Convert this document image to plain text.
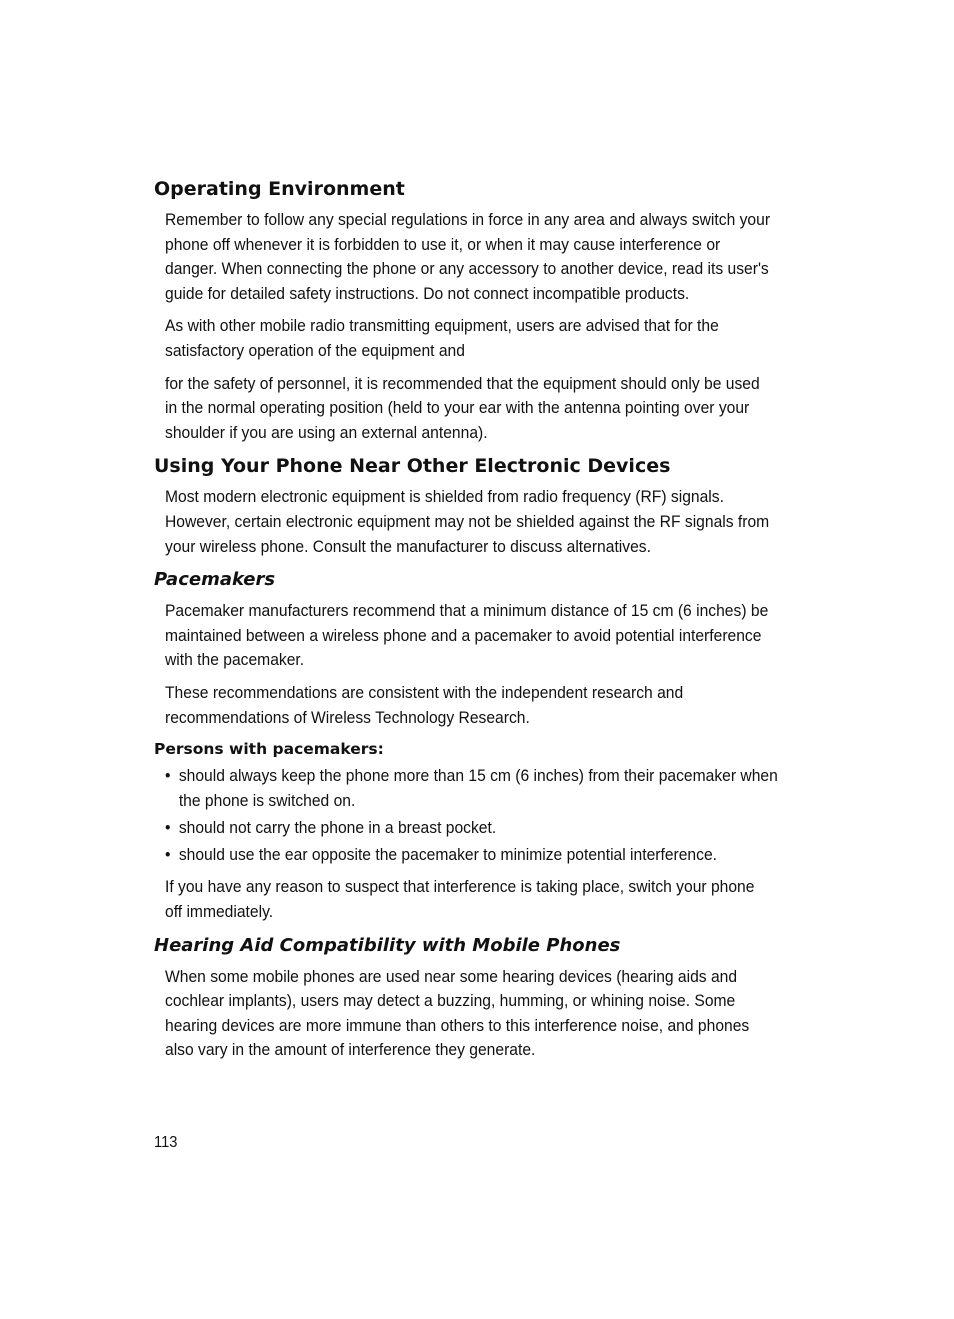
Operating Environment

Remember to follow any special regulations in force in any area and always switch your phone off whenever it is forbidden to use it, or when it may cause interference or danger. When connecting the phone or any accessory to another device, read its user's guide for detailed safety instructions. Do not connect incompatible products.

As with other mobile radio transmitting equipment, users are advised that for the satisfactory operation of the equipment and

for the safety of personnel, it is recommended that the equipment should only be used in the normal operating position (held to your ear with the antenna pointing over your shoulder if you are using an external antenna).

Using Your Phone Near Other Electronic Devices

Most modern electronic equipment is shielded from radio frequency (RF) signals. However, certain electronic equipment may not be shielded against the RF signals from your wireless phone. Consult the manufacturer to discuss alternatives.

Pacemakers

Pacemaker manufacturers recommend that a minimum distance of 15 cm (6 inches) be maintained between a wireless phone and a pacemaker to avoid potential interference with the pacemaker.

These recommendations are consistent with the independent research and recommendations of Wireless Technology Research.

Persons with pacemakers:
• should always keep the phone more than 15 cm (6 inches) from their pacemaker when the phone is switched on.
• should not carry the phone in a breast pocket.
• should use the ear opposite the pacemaker to minimize potential interference.

If you have any reason to suspect that interference is taking place, switch your phone off immediately.

Hearing Aid Compatibility with Mobile Phones

When some mobile phones are used near some hearing devices (hearing aids and cochlear implants), users may detect a buzzing, humming, or whining noise. Some hearing devices are more immune than others to this interference noise, and phones also vary in the amount of interference they generate.

113
